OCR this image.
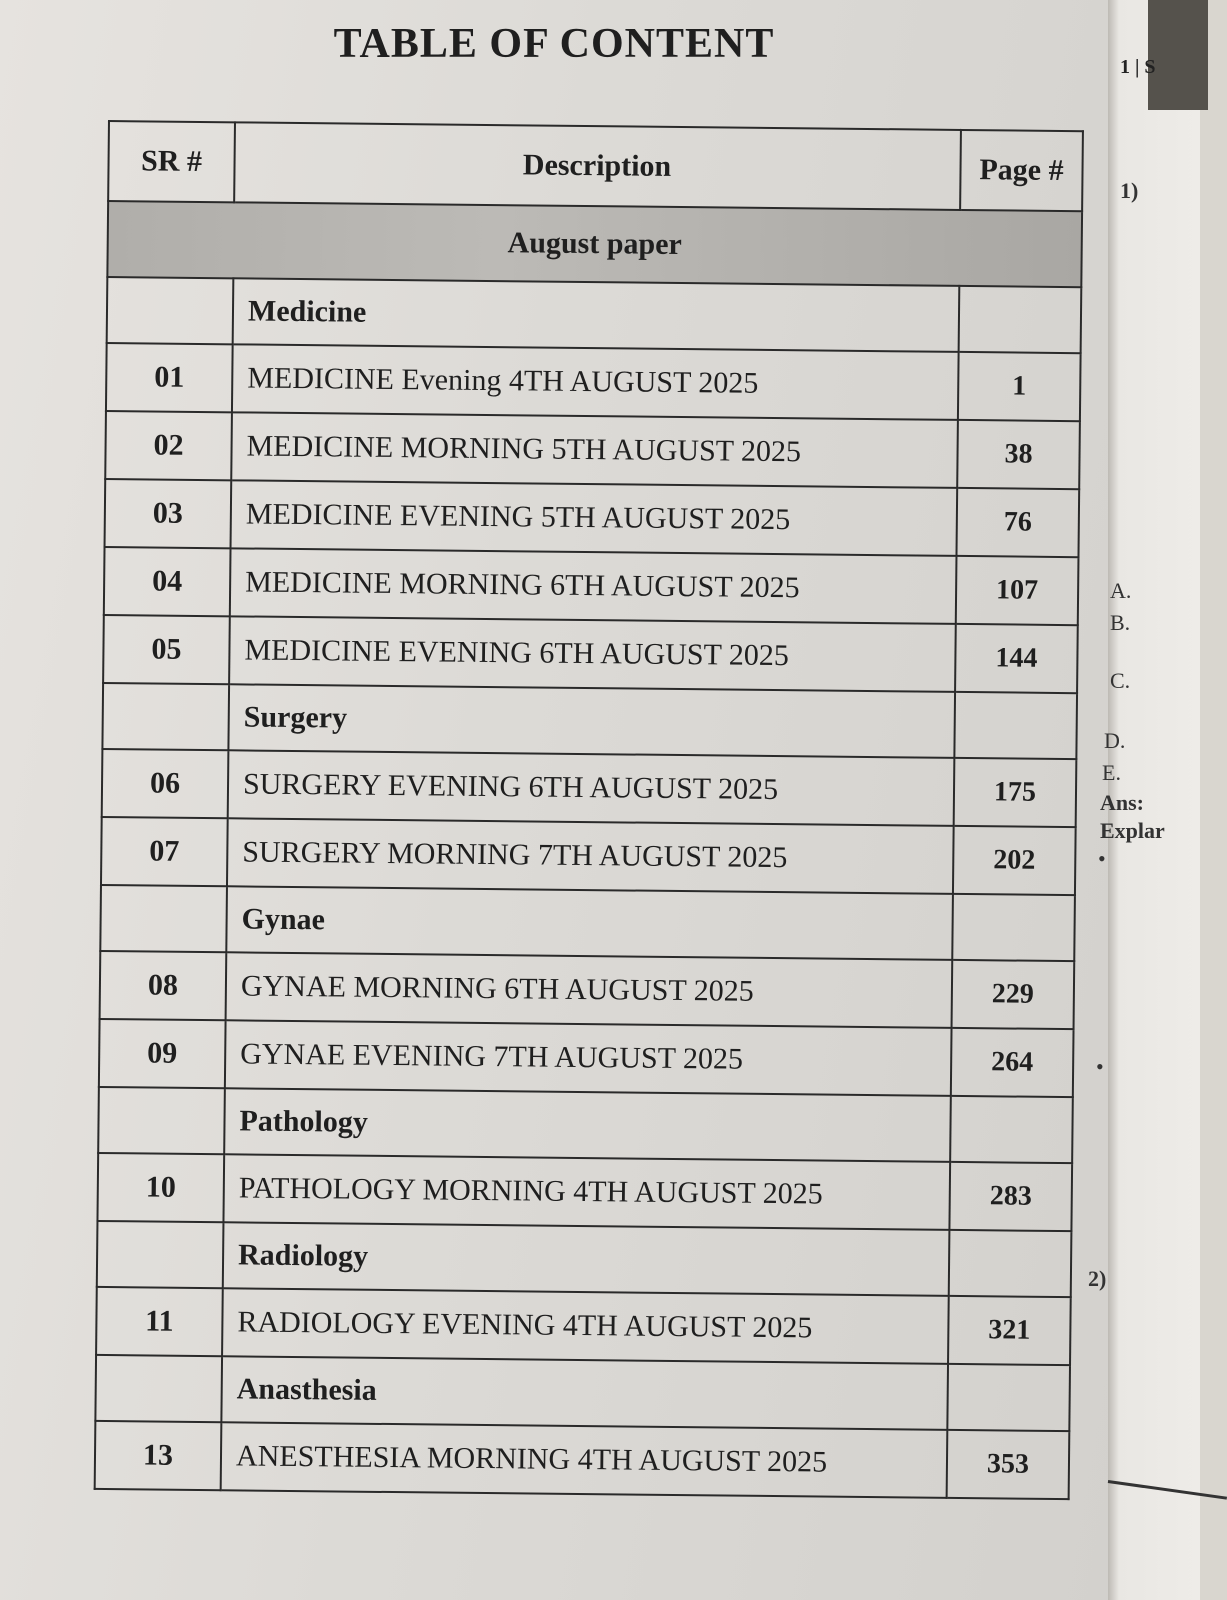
TABLE OF CONTENT
SR #	Description	Page #
August paper		
	Medicine	
01	MEDICINE Evening 4TH AUGUST 2025	1
02	MEDICINE MORNING 5TH AUGUST 2025	38
03	MEDICINE EVENING 5TH AUGUST 2025	76
04	MEDICINE MORNING 6TH AUGUST 2025	107
05	MEDICINE EVENING 6TH AUGUST 2025	144
	Surgery	
06	SURGERY EVENING 6TH AUGUST 2025	175
07	SURGERY MORNING 7TH AUGUST 2025	202
	Gynae	
08	GYNAE MORNING 6TH AUGUST 2025	229
09	GYNAE EVENING 7TH AUGUST 2025	264
	Pathology	
10	PATHOLOGY MORNING 4TH AUGUST 2025	283
	Radiology	
11	RADIOLOGY EVENING 4TH AUGUST 2025	321
	Anasthesia	
13	ANESTHESIA MORNING 4TH AUGUST 2025	353
1 | S
1)
A.
B.
C.
D.
E.
Ans:
Explar
•
•
2)
